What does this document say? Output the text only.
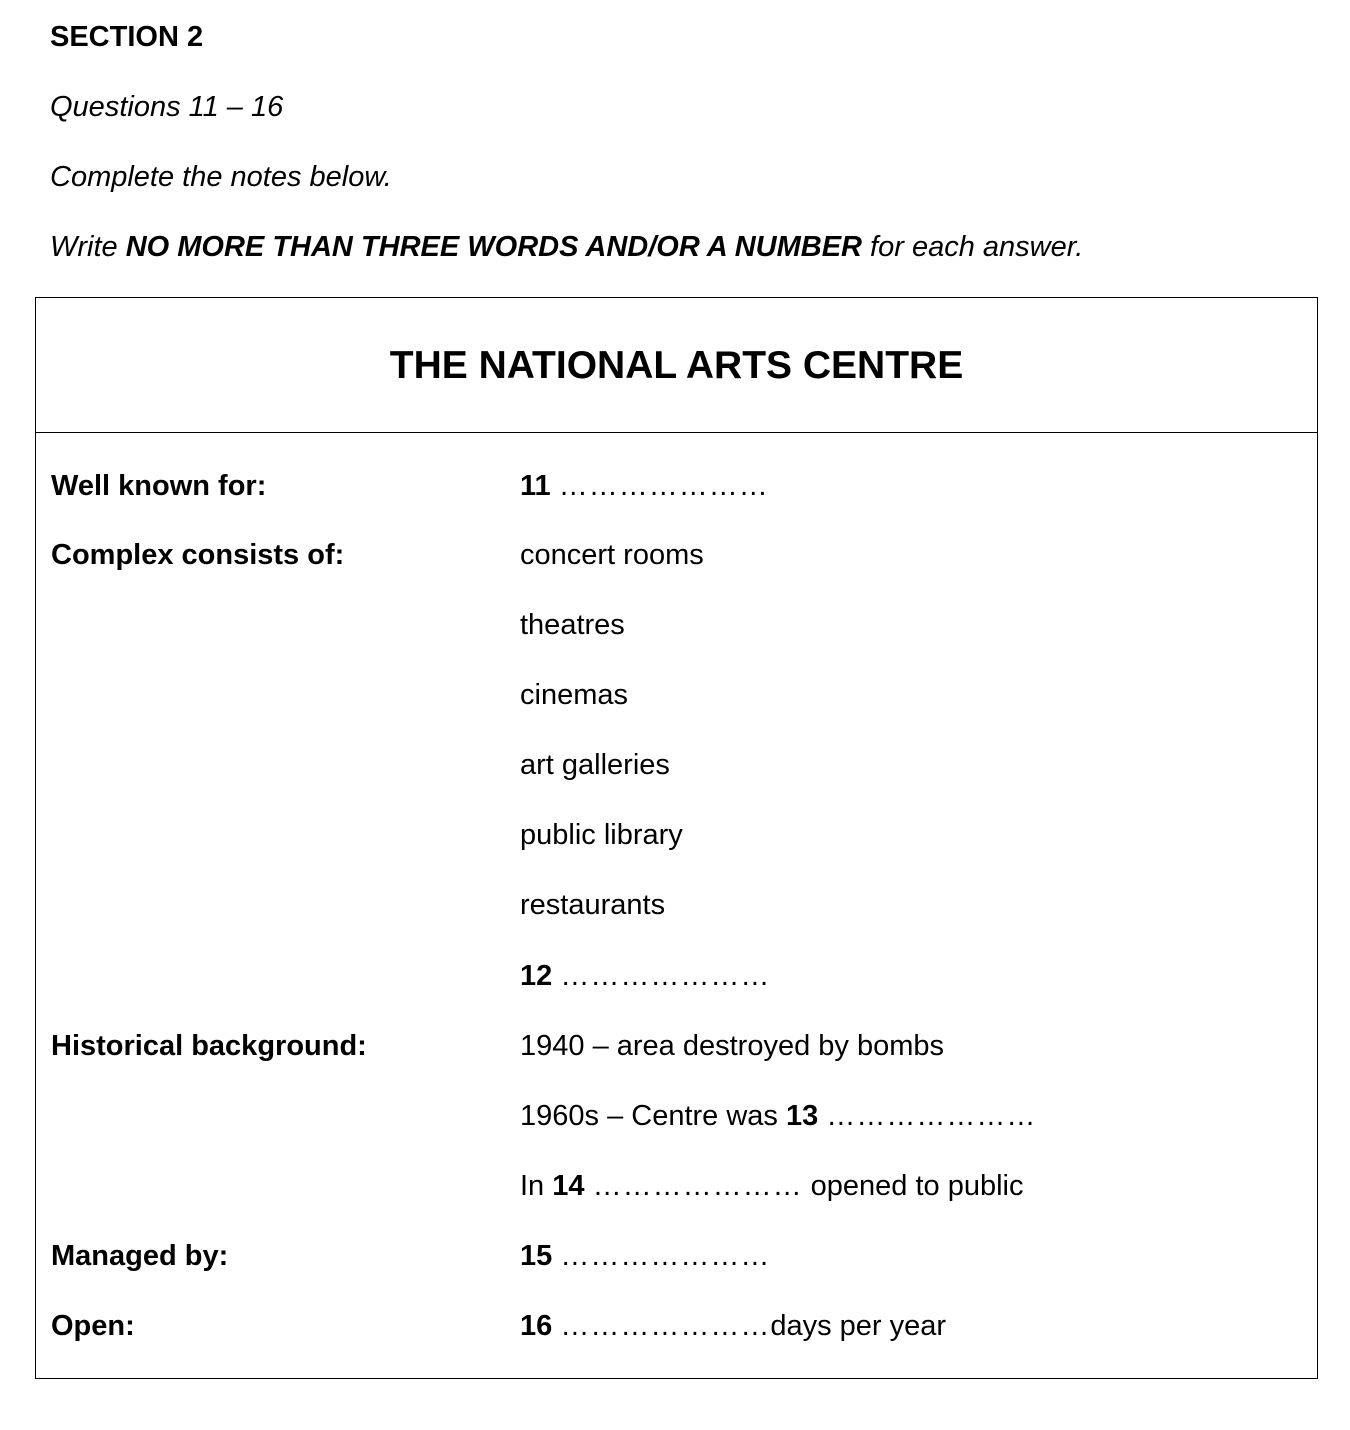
SECTION 2
Questions 11 – 16
Complete the notes below.
Write NO MORE THAN THREE WORDS AND/OR A NUMBER for each answer.
THE NATIONAL ARTS CENTRE
Well known for:	11 …………………
Complex consists of:	concert rooms
theatres
cinemas
art galleries
public library
restaurants
12 …………………
Historical background:	1940 – area destroyed by bombs
1960s – Centre was 13 …………………
In 14 ………………… opened to public
Managed by:	15 …………………
Open:	16 …………………days per year
